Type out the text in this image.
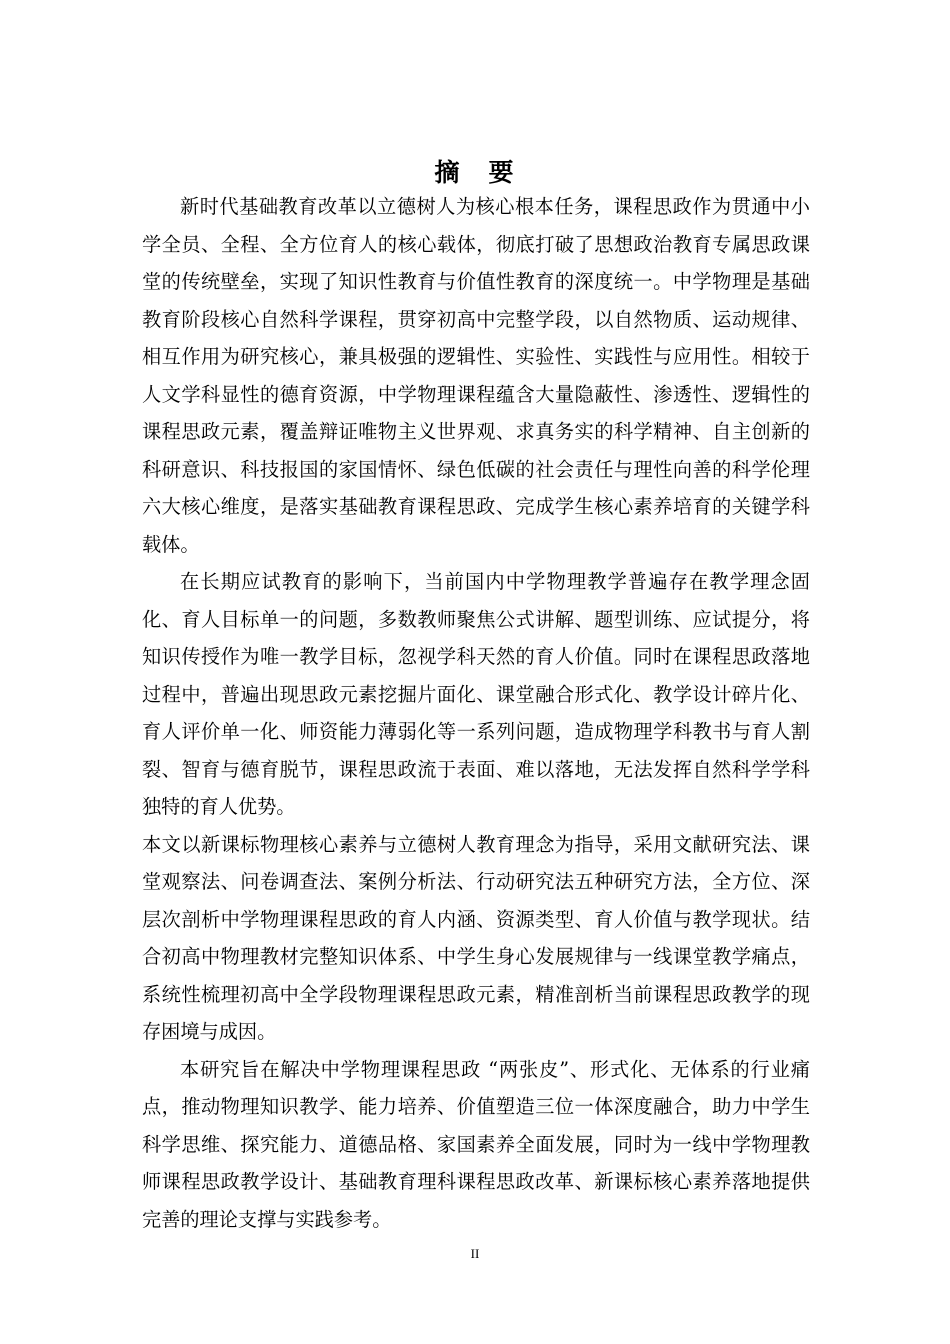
摘　要

新时代基础教育改革以立德树人为核心根本任务，课程思政作为贯通中小学全员、全程、全方位育人的核心载体，彻底打破了思想政治教育专属思政课堂的传统壁垒，实现了知识性教育与价值性教育的深度统一。中学物理是基础教育阶段核心自然科学课程，贯穿初高中完整学段，以自然物质、运动规律、相互作用为研究核心，兼具极强的逻辑性、实验性、实践性与应用性。相较于人文学科显性的德育资源，中学物理课程蕴含大量隐蔽性、渗透性、逻辑性的课程思政元素，覆盖辩证唯物主义世界观、求真务实的科学精神、自主创新的科研意识、科技报国的家国情怀、绿色低碳的社会责任与理性向善的科学伦理六大核心维度，是落实基础教育课程思政、完成学生核心素养培育的关键学科载体。

在长期应试教育的影响下，当前国内中学物理教学普遍存在教学理念固化、育人目标单一的问题，多数教师聚焦公式讲解、题型训练、应试提分，将知识传授作为唯一教学目标，忽视学科天然的育人价值。同时在课程思政落地过程中，普遍出现思政元素挖掘片面化、课堂融合形式化、教学设计碎片化、育人评价单一化、师资能力薄弱化等一系列问题，造成物理学科教书与育人割裂、智育与德育脱节，课程思政流于表面、难以落地，无法发挥自然科学学科独特的育人优势。

本文以新课标物理核心素养与立德树人教育理念为指导，采用文献研究法、课堂观察法、问卷调查法、案例分析法、行动研究法五种研究方法，全方位、深层次剖析中学物理课程思政的育人内涵、资源类型、育人价值与教学现状。结合初高中物理教材完整知识体系、中学生身心发展规律与一线课堂教学痛点，系统性梳理初高中全学段物理课程思政元素，精准剖析当前课程思政教学的现存困境与成因。

本研究旨在解决中学物理课程思政 “两张皮”、形式化、无体系的行业痛点，推动物理知识教学、能力培养、价值塑造三位一体深度融合，助力中学生科学思维、探究能力、道德品格、家国素养全面发展，同时为一线中学物理教师课程思政教学设计、基础教育理科课程思政改革、新课标核心素养落地提供完善的理论支撑与实践参考。

II
